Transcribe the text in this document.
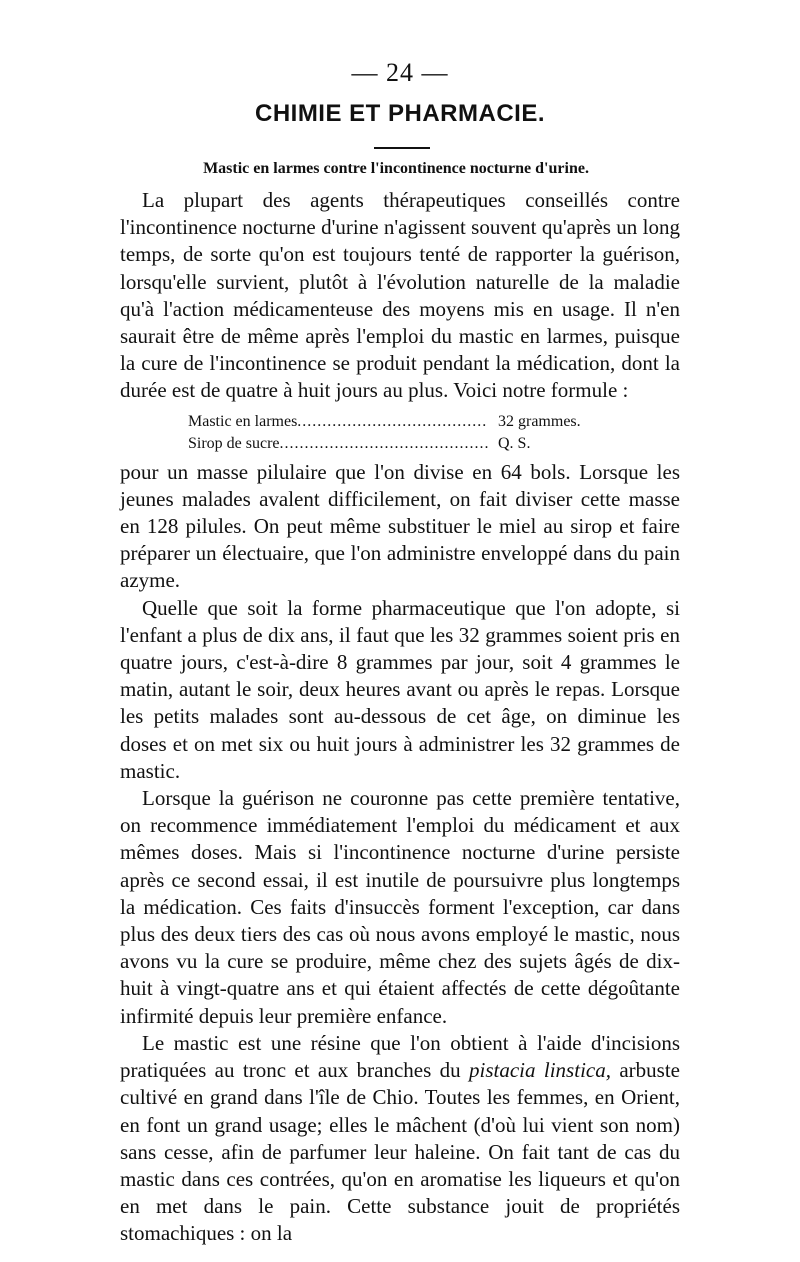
— 24 —
CHIMIE ET PHARMACIE.
Mastic en larmes contre l'incontinence nocturne d'urine.

La plupart des agents thérapeutiques conseillés contre l'incontinence nocturne d'urine n'agissent souvent qu'après un long temps, de sorte qu'on est toujours tenté de rapporter la guérison, lorsqu'elle survient, plutôt à l'évolution naturelle de la maladie qu'à l'action médicamenteuse des moyens mis en usage. Il n'en saurait être de même après l'emploi du mastic en larmes, puisque la cure de l'incontinence se produit pendant la médication, dont la durée est de quatre à huit jours au plus. Voici notre formule :

Mastic en larmes .....	32 grammes.
Sirop de sucre .....	Q. S.

pour un masse pilulaire que l'on divise en 64 bols. Lorsque les jeunes malades avalent difficilement, on fait diviser cette masse en 128 pilules. On peut même substituer le miel au sirop et faire préparer un électuaire, que l'on administre enveloppé dans du pain azyme.

Quelle que soit la forme pharmaceutique que l'on adopte, si l'enfant a plus de dix ans, il faut que les 32 grammes soient pris en quatre jours, c'est-à-dire 8 grammes par jour, soit 4 grammes le matin, autant le soir, deux heures avant ou après le repas. Lorsque les petits malades sont au-dessous de cet âge, on diminue les doses et on met six ou huit jours à administrer les 32 grammes de mastic.

Lorsque la guérison ne couronne pas cette première tentative, on recommence immédiatement l'emploi du médicament et aux mêmes doses. Mais si l'incontinence nocturne d'urine persiste après ce second essai, il est inutile de poursuivre plus longtemps la médication. Ces faits d'insuccès forment l'exception, car dans plus des deux tiers des cas où nous avons employé le mastic, nous avons vu la cure se produire, même chez des sujets âgés de dix-huit à vingt-quatre ans et qui étaient affectés de cette dégoûtante infirmité depuis leur première enfance.

Le mastic est une résine que l'on obtient à l'aide d'incisions pratiquées au tronc et aux branches du pistacia linstica, arbuste cultivé en grand dans l'île de Chio. Toutes les femmes, en Orient, en font un grand usage; elles le mâchent (d'où lui vient son nom) sans cesse, afin de parfumer leur haleine. On fait tant de cas du mastic dans ces contrées, qu'on en aromatise les liqueurs et qu'on en met dans le pain. Cette substance jouit de propriétés stomachiques : on la
